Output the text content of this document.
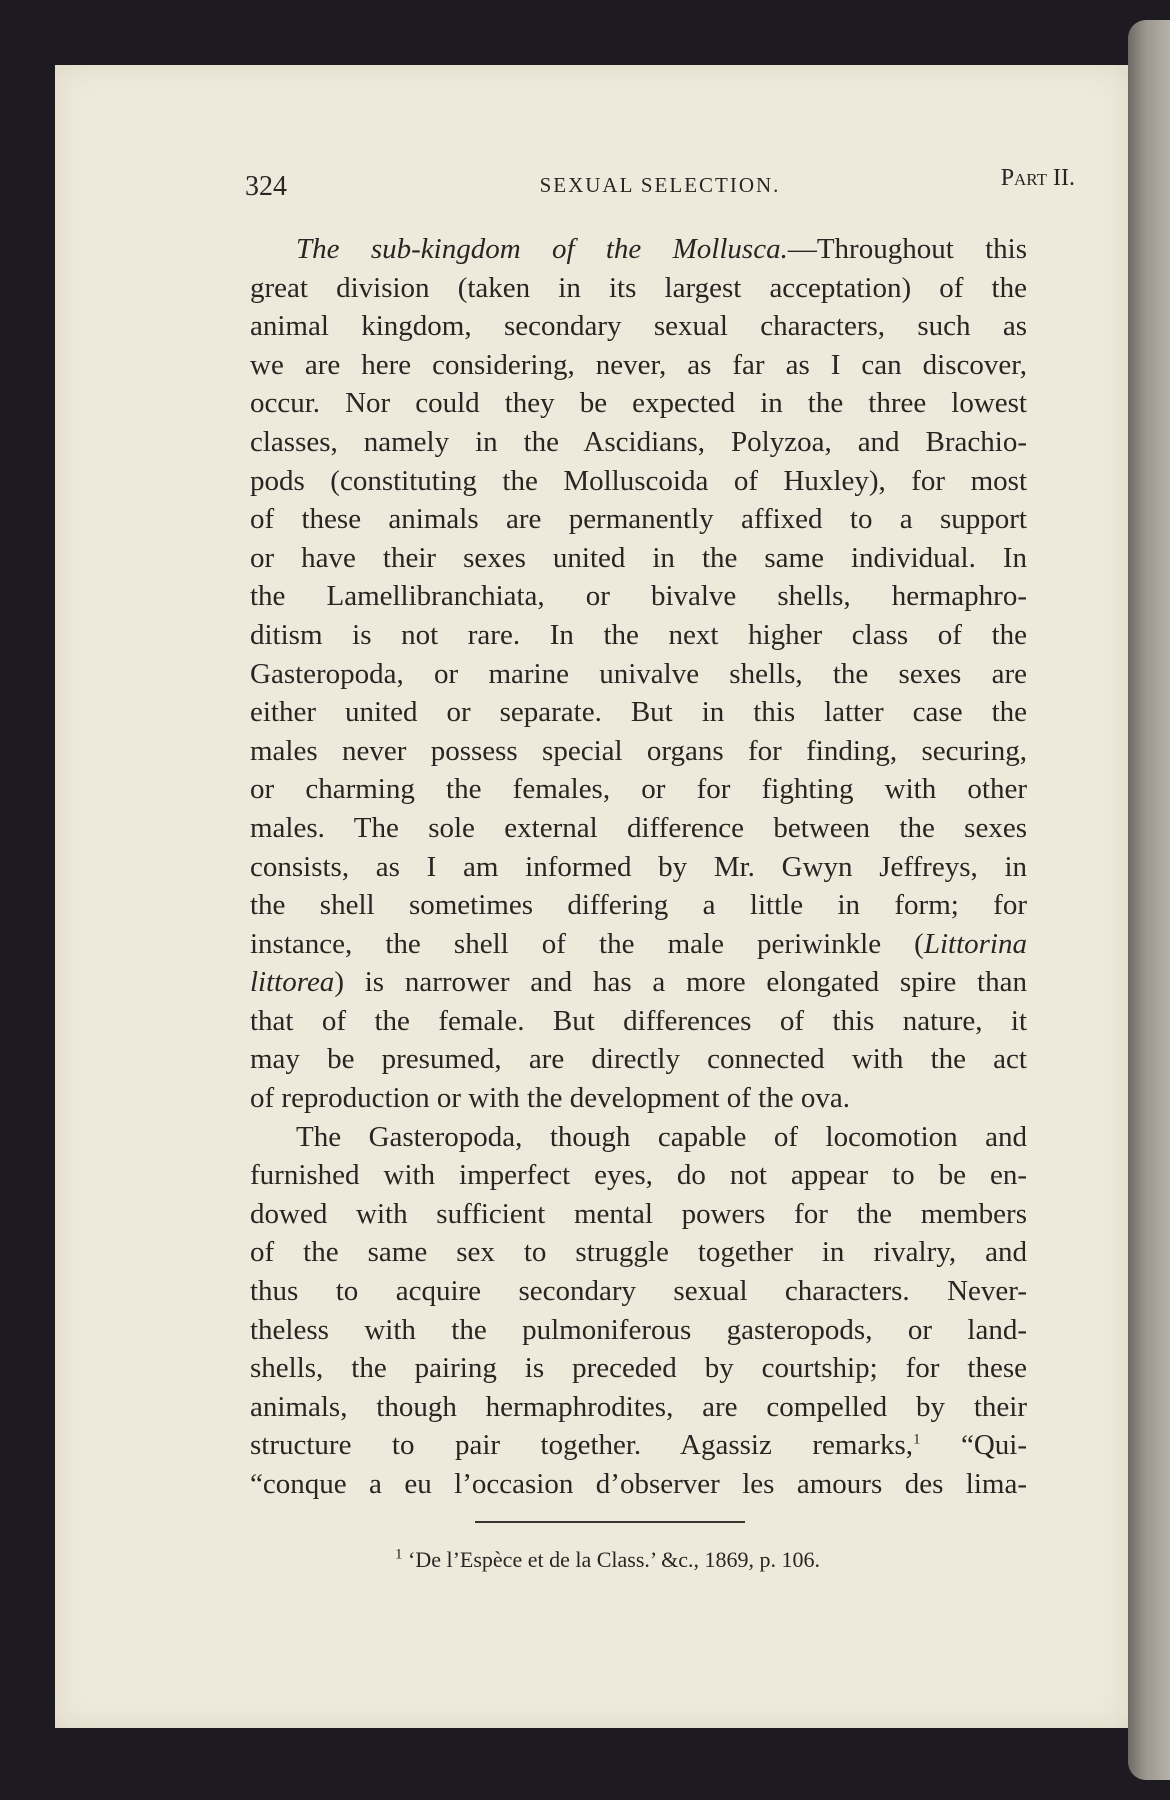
324	SEXUAL SELECTION.	Part II.
The sub-kingdom of the Mollusca.—Throughout this
great division (taken in its largest acceptation) of the
animal kingdom, secondary sexual characters, such as
we are here considering, never, as far as I can discover,
occur. Nor could they be expected in the three lowest
classes, namely in the Ascidians, Polyzoa, and Brachio-
pods (constituting the Molluscoida of Huxley), for most
of these animals are permanently affixed to a support
or have their sexes united in the same individual. In
the Lamellibranchiata, or bivalve shells, hermaphro-
ditism is not rare. In the next higher class of the
Gasteropoda, or marine univalve shells, the sexes are
either united or separate. But in this latter case the
males never possess special organs for finding, securing,
or charming the females, or for fighting with other
males. The sole external difference between the sexes
consists, as I am informed by Mr. Gwyn Jeffreys, in
the shell sometimes differing a little in form; for
instance, the shell of the male periwinkle (Littorina
littorea) is narrower and has a more elongated spire than
that of the female. But differences of this nature, it
may be presumed, are directly connected with the act
of reproduction or with the development of the ova.
The Gasteropoda, though capable of locomotion and
furnished with imperfect eyes, do not appear to be en-
dowed with sufficient mental powers for the members
of the same sex to struggle together in rivalry, and
thus to acquire secondary sexual characters. Never-
theless with the pulmoniferous gasteropods, or land-
shells, the pairing is preceded by courtship; for these
animals, though hermaphrodites, are compelled by their
structure to pair together. Agassiz remarks,$^1$ “Qui-
“conque a eu l’occasion d’observer les amours des lima-
$^1$ ‘De l’Espèce et de la Class.’ &c., 1869, p. 106.
